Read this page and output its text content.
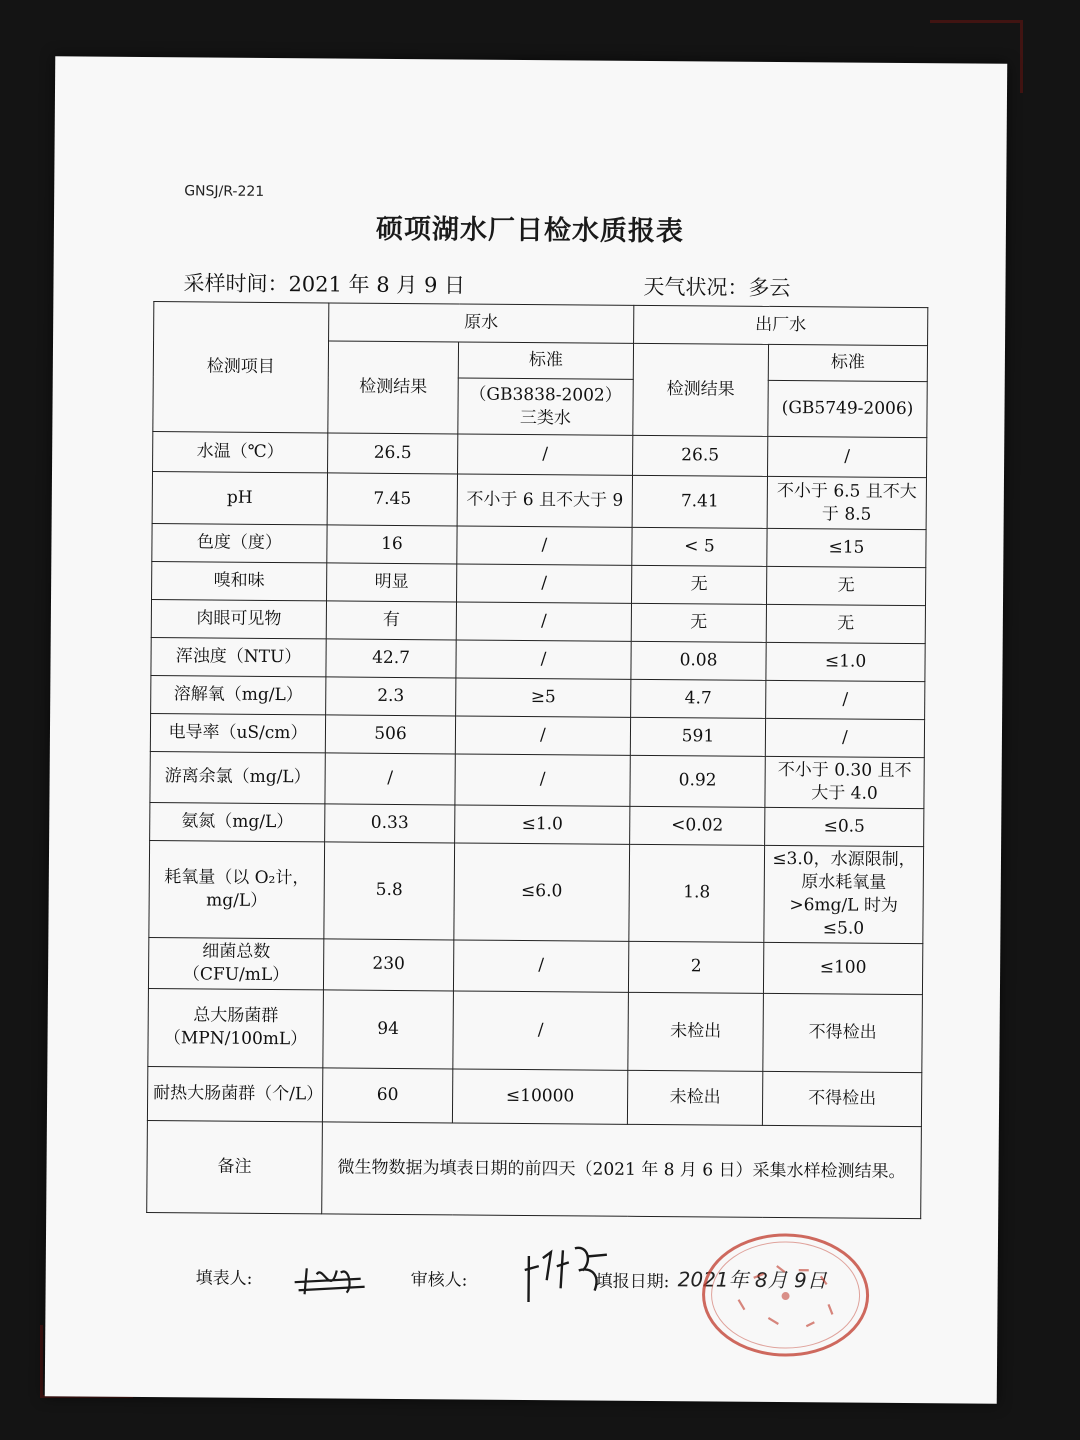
GNSJ/R-221
硕项湖水厂日检水质报表
采样时间：2021 年 8 月 9 日	天气状况：多云
检测项目	原水		出厂水	
	检测结果	标准	检测结果	标准
		（GB3838-2002）三类水		(GB5749-2006)
水温（℃）	26.5	/	26.5	/
pH	7.45	不小于 6 且不大于 9	7.41	不小于 6.5 且不大于 8.5
色度（度）	16	/	< 5	≤15
嗅和味	明显	/	无	无
肉眼可见物	有	/	无	无
浑浊度（NTU）	42.7	/	0.08	≤1.0
溶解氧（mg/L）	2.3	≥5	4.7	/
电导率（uS/cm）	506	/	591	/
游离余氯（mg/L）	/	/	0.92	不小于 0.30 且不大于 4.0
氨氮（mg/L）	0.33	≤1.0	<0.02	≤0.5
耗氧量（以 O₂计，mg/L）	5.8	≤6.0	1.8	≤3.0，水源限制，原水耗氧量>6mg/L 时为≤5.0
细菌总数（CFU/mL）	230	/	2	≤100
总大肠菌群（MPN/100mL）	94	/	未检出	不得检出
耐热大肠菌群（个/L）	60	≤10000	未检出	不得检出
备注	微生物数据为填表日期的前四天（2021 年 8 月 6 日）采集水样检测结果。			
填表人:	审核人:	填报日期: 2021年 8月 9日
